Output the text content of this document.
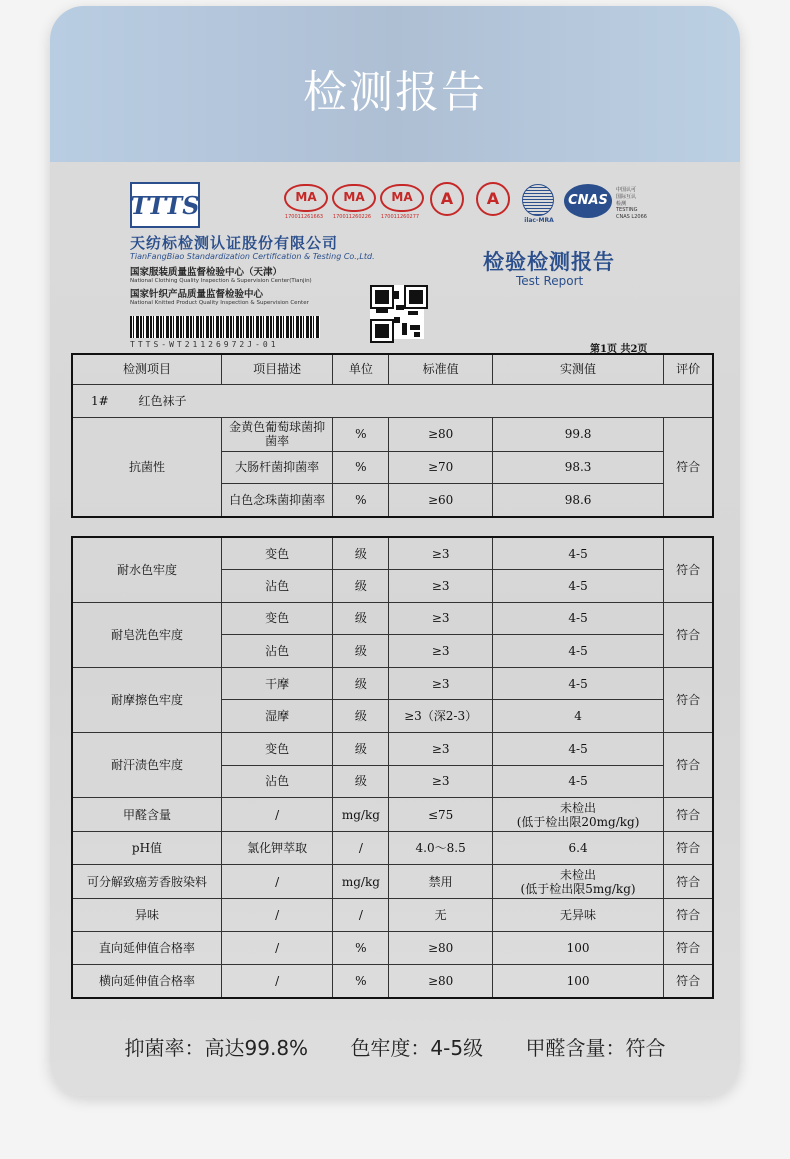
检测报告
TTTS
天纺标检测认证股份有限公司
TianFangBiao Standardization Certification & Testing Co.,Ltd.
国家服装质量监督检验中心（天津）
National Clothing Quality Inspection & Supervision Center(Tianjin)
国家针织产品质量监督检验中心
National Knitted Product Quality Inspection & Supervision Center
TTTS-WT21126972J-01
MA
170011261663
MA
170011260226
MA
170011260277
A	A
ilac-MRA
CNAS
中国认可
国际互认
检测
TESTING
CNAS L2066
检验检测报告
Test Report
第1页 共2页
检测项目	项目描述	单位	标准值	实测值	评价
1# 红色袜子					
抗菌性	金黄色葡萄球菌抑菌率	%	≥80	99.8	符合
	大肠杆菌抑菌率	%	≥70	98.3	
	白色念珠菌抑菌率	%	≥60	98.6	
耐水色牢度	变色	级	≥3	4-5	符合
	沾色	级	≥3	4-5	
耐皂洗色牢度	变色	级	≥3	4-5	符合
	沾色	级	≥3	4-5	
耐摩擦色牢度	干摩	级	≥3	4-5	符合
	湿摩	级	≥3（深2-3）	4	
耐汗渍色牢度	变色	级	≥3	4-5	符合
	沾色	级	≥3	4-5	
甲醛含量	/	mg/kg	≤75	未检出
(低于检出限20mg/kg)	符合
pH值	氯化钾萃取	/	4.0～8.5	6.4	符合
可分解致癌芳香胺染料	/	mg/kg	禁用	未检出
(低于检出限5mg/kg)	符合
异味	/	/	无	无异味	符合
直向延伸值合格率	/	%	≥80	100	符合
横向延伸值合格率	/	%	≥80	100	符合
抑菌率：高达99.8% 色牢度：4-5级 甲醛含量：符合
